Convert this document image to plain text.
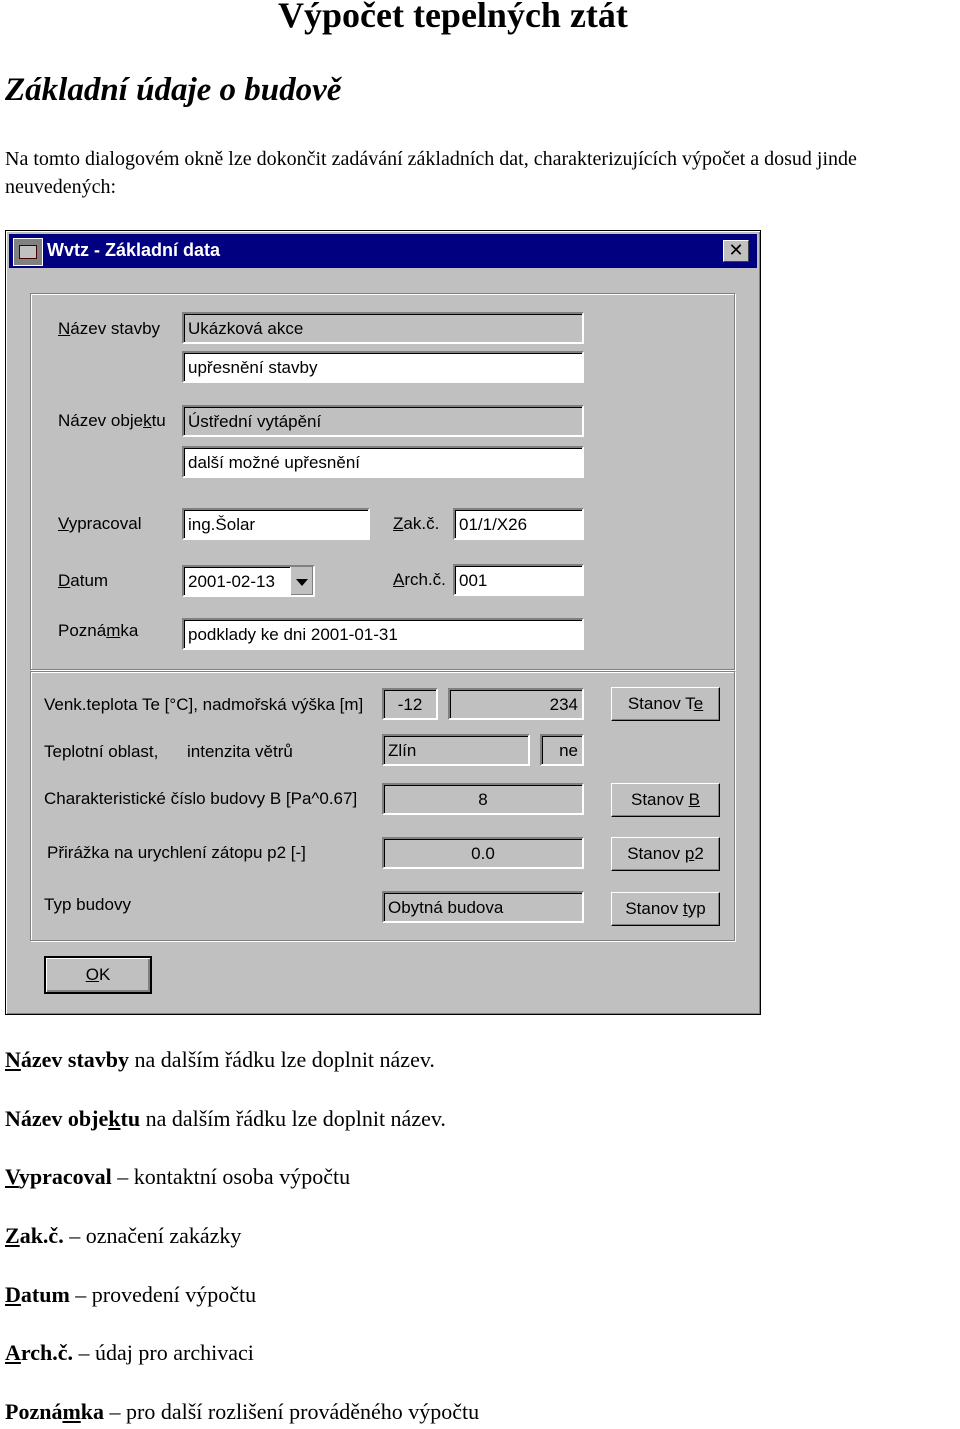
Výpočet tepelných ztát
Základní údaje o budově
Na tomto dialogovém okně lze dokončit zadávání základních dat, charakterizujících výpočet a dosud jinde neuvedených:
Wvtz - Základní data	✕
Název stavby	Ukázková akce
upřesnění stavby
Název objektu	Ústřední vytápění
další možné upřesnění
Vypracoval	ing.Šolar	Zak.č.	01/1/X26
Datum	2001-02-13	Arch.č. 001
Poznámka	podklady ke dni 2001-01-31
Venk.teplota Te [°C], nadmořská výška [m]	-12	234	Stanov Te
Teplotní oblast, intenzita větrů	Zlín	ne
Charakteristické číslo budovy B [Pa^0.67]	8	Stanov B
Přirážka na urychlení zátopu p2 [-]	0.0	Stanov p2
Typ budovy	Obytná budova	Stanov typ
OK
Název stavby na dalším řádku lze doplnit název.
Název objektu na dalším řádku lze doplnit název.
Vypracoval – kontaktní osoba výpočtu
Zak.č. – označení zakázky
Datum – provedení výpočtu
Arch.č. – údaj pro archivaci
Poznámka – pro další rozlišení prováděného výpočtu
